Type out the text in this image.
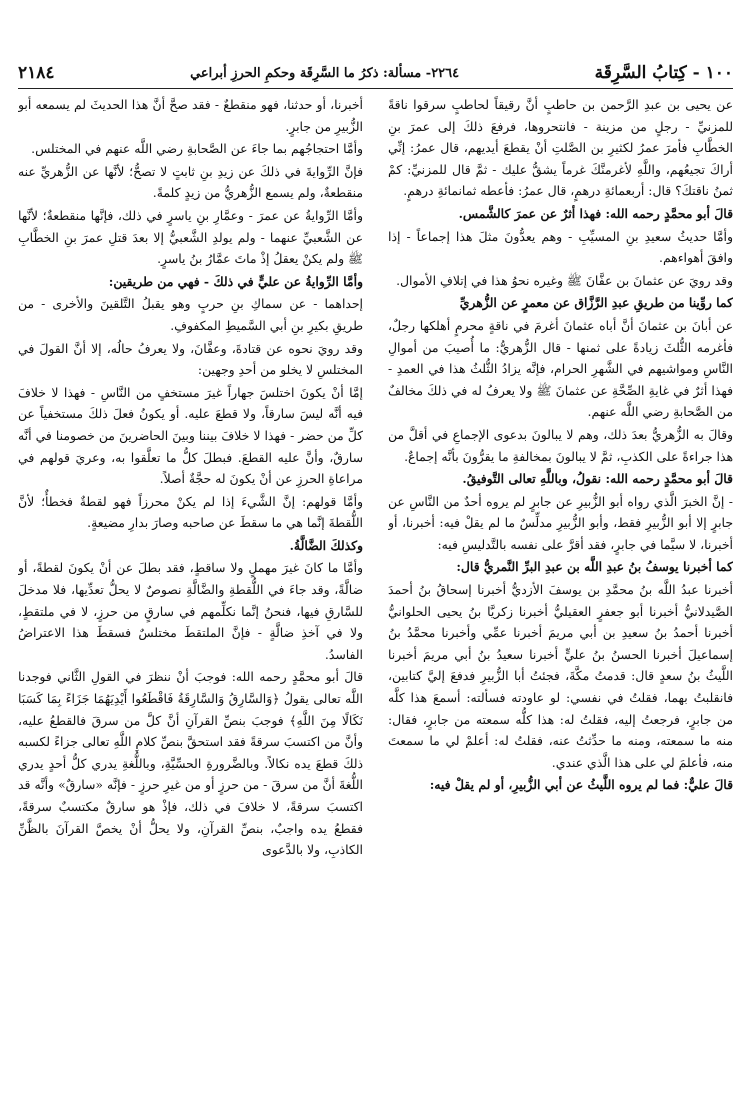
١٠٠ - كِتابُ السَّرِقَة
٢٢٦٤- مسألة: ذكرُ ما السَّرِقَة وحكمِ الحرزِ أبراعي
٢١٨٤

عن يحيى بن عبدِ الرَّحمن بن حاطبٍ أنَّ رقيقاً لحاطبٍ سرقوا ناقةً للمزنيِّ - رجلٍ من مزينة - فانتحروها، فرفعَ ذلكَ إلى عمرَ بنِ الخطَّابِ فأمرَ عمرُ لكثيرِ بن الصَّلتِ أنْ يقطعَ أيديهم، قال عمرُ: إنِّي أراكَ تجيعُهم، واللَّهِ لأغرمنَّكَ غرماً يشقُّ عليك - ثمَّ قال للمزنيِّ: كمْ ثمنُ ناقتكَ؟ قال: أربعمائةِ درهمٍ، قال عمرُ: فأعطه ثمانمائةِ درهمٍ.

قالَ أبو محمَّدٍ رحمه الله: فهذا أثرٌ عن عمرَ كالشَّمس.

وأمَّا حديثُ سعيدِ بنِ المسيِّبِ - وهم يعدُّونَ مثلَ هذا إجماعاً - إذا وافقَ أهواءهم.

وقد رويَ عن عثمانَ بن عفَّانَ ﷺ وغيره نحوُ هذا في إتلافِ الأموال.

كما روِّينا من طريقِ عبدِ الرَّزَّاق عن معمرٍ عن الزُّهريِّ

عن أبانَ بن عثمانَ أنَّ أباه عثمانَ أغرمَ في ناقةٍ محرمٍ أهلكها رجلٌ، فأغرمه الثُّلثَ زيادةً على ثمنها - قال الزُّهريُّ: ما أُصيبَ من أموالِ النَّاسِ ومواشيهم في الشَّهرِ الحرام، فإنَّه يزادُ الثُّلثُ هذا في العمدِ - فهذا أثرٌ في غايةِ الصِّحَّةِ عن عثمانَ ﷺ ولا يعرفُ له في ذلكَ مخالفٌ من الصَّحابةِ رضي اللَّه عنهم.

وقالَ به الزُّهريُّ بعدَ ذلك، وهم لا يبالونَ بدعوى الإجماعِ في أقلَّ من هذا جراءةً على الكذبِ، ثمَّ لا يبالونَ بمخالفةِ ما يقرُّونَ بأنَّه إجماعٌ.

قالَ أبو محمَّدٍ رحمه الله: نقولُ، وباللَّهِ تعالى التَّوفيقُ.

- إنَّ الخبرَ الَّذي رواه أبو الزُّبيرِ عن جابرٍ لم يروه أحدٌ من النَّاسِ عن جابرٍ إلا أبو الزُّبيرِ فقط، وأبو الزُّبيرِ مدلِّسٌ ما لم يقلْ فيه: أخبرنا، أو أخبرنا، لا سيَّما في جابرٍ، فقد أقرَّ على نفسه بالتَّدليسِ فيه:

كما أخبرنا يوسفُ بنُ عبدِ اللَّه بن عبدِ البرِّ النَّمريُّ قال:

أخبرنا عبدُ اللَّه بنُ محمَّدِ بن يوسفَ الأزديُّ أخبرنا إسحاقُ بنُ أحمدَ الصَّيدلانيُّ أخبرنا أبو جعفرٍ العقيليُّ أخبرنا زكريَّا بنُ يحيى الحلوانيُّ أخبرنا أحمدُ بنُ سعيدِ بن أبي مريمَ أخبرنا عمِّي وأخبرنا محمَّدُ بنُ إسماعيلَ أخبرنا الحسنُ بنُ عليٍّ أخبرنا سعيدُ بنُ أبي مريمَ أخبرنا اللَّيثُ بنُ سعدٍ قال: قدمتُ مكَّةَ، فجئتُ أبا الزُّبيرِ فدفعَ إليَّ كتابين، فانقلبتُ بهما، فقلتُ في نفسي: لو عاودته فسألته: أسمعَ هذا كلَّه من جابرٍ، فرجعتُ إليه، فقلتُ له: هذا كلُّه سمعته من جابرٍ، فقال: منه ما سمعته، ومنه ما حدِّثتُ عنه، فقلتُ له: أعلمْ لي ما سمعتَ منه، فأعلمَ لي على هذا الَّذي عندي.

قالَ عليٌّ: فما لم يروه اللَّيثُ عن أبي الزُّبيرِ، أو لم يقلْ فيه:

أخبرنا، أو حدثنا، فهو منقطعٌ - فقد صحَّ أنَّ هذا الحديثَ لم يسمعه أبو الزُّبيرِ من جابرٍ.

وأمَّا احتجاجُهم بما جاءَ عن الصَّحابةِ رضي اللَّه عنهم في المختلس.

فإنَّ الرِّوايةَ في ذلكَ عن زيدِ بنِ ثابتٍ لا تصحُّ؛ لأنَّها عن الزُّهريِّ عنه منقطعةٌ، ولم يسمع الزُّهريُّ من زيدٍ كلمةً.

وأمَّا الرِّوايةُ عن عمرَ - وعمَّارِ بنِ ياسرٍ في ذلك، فإنَّها منقطعةٌ؛ لأنَّها عن الشَّعبيِّ عنهما - ولم يولدِ الشَّعبيُّ إلا بعدَ قتلِ عمرَ بنِ الخطَّابِ ﷺ ولم يكنْ يعقلُ إذْ ماتَ عمَّارُ بنُ ياسرٍ.

وأمَّا الرِّوايةُ عن عليٍّ في ذلكَ - فهي من طريقين:

إحداهما - عن سماكِ بنِ حربٍ وهو يقبلُ التَّلقينَ والأخرى - من طريقِ بكيرِ بنِ أبي السَّميطِ المكفوفِ.

وقد رويَ نحوه عن قتادةَ، وعفَّانَ، ولا يعرفُ حالُه، إلا أنَّ القولَ في المختلسِ لا يخلو من أحدِ وجهين:

إمَّا أنْ يكونَ اختلسَ جهاراً غيرَ مستخفٍ من النَّاسِ - فهذا لا خلافَ فيه أنَّه ليسَ سارقاً، ولا قطعَ عليه. أو يكونُ فعلَ ذلكَ مستخفياً عن كلِّ من حضر - فهذا لا خلافَ بيننا وبينَ الحاضرينَ من خصومنا في أنَّه سارقٌ، وأنَّ عليه القطعَ. فبطلَ كلُّ ما تعلَّقوا به، وعريَ قولهم في مراعاةِ الحرزِ عن أنْ يكونَ له حجَّةٌ أصلاً.

وأمَّا قولهم: إنَّ الشَّيءَ إذا لم يكنْ محرزاً فهو لقطةٌ فخطأٌ؛ لأنَّ اللُّقطةَ إنَّما هي ما سقطَ عن صاحبه وصارَ بدارِ مضيعةٍ.

وكذلكَ الضَّالَّةُ.

وأمَّا ما كانَ غيرَ مهملٍ ولا ساقطٍ، فقد بطلَ عن أنْ يكونَ لقطةً، أو ضالَّةً، وقد جاءَ في اللُّقطةِ والضَّالَّةِ نصوصٌ لا يحلُّ تعدِّيها، فلا مدخلَ للسَّارقِ فيها، فنحنُ إنَّما نكلِّمهم في سارقٍ من حرزٍ، لا في ملتقطٍ، ولا في آخذِ ضالَّةٍ - فإنَّ الملتقطَ مختلسٌ فسقطَ هذا الاعتراضُ الفاسدُ.

قالَ أبو محمَّدٍ رحمه الله: فوجبَ أنْ ننظرَ في القولِ الثَّاني فوجدنا اللَّه تعالى يقولُ ﴿وَالسَّارِقُ وَالسَّارِقَةُ فَاقْطَعُوا أَيْدِيَهُمَا جَزَاءً بِمَا كَسَبَا نَكَالًا مِنَ اللَّهِ﴾ فوجبَ بنصِّ القرآنِ أنَّ كلَّ من سرقَ فالقطعُ عليه، وأنَّ من اكتسبَ سرقةً فقد استحقَّ بنصِّ كلامِ اللَّهِ تعالى جزاءً لكسبه ذلكَ قطعَ يده نكالاً. وبالضَّرورةِ الحسِّيَّةِ، وباللُّغةِ يدري كلُّ أحدٍ يدري اللُّغةَ أنَّ من سرقَ - من حرزٍ أو من غيرِ حرزٍ - فإنَّه «سارقٌ» وأنَّه قد اكتسبَ سرقةً، لا خلافَ في ذلك، فإذْ هو سارقٌ مكتسبٌ سرقةً، فقطعُ يده واجبٌ، بنصِّ القرآنِ، ولا يحلُّ أنْ يخصَّ القرآنَ بالظَّنِّ الكاذبِ، ولا بالدَّعوى
